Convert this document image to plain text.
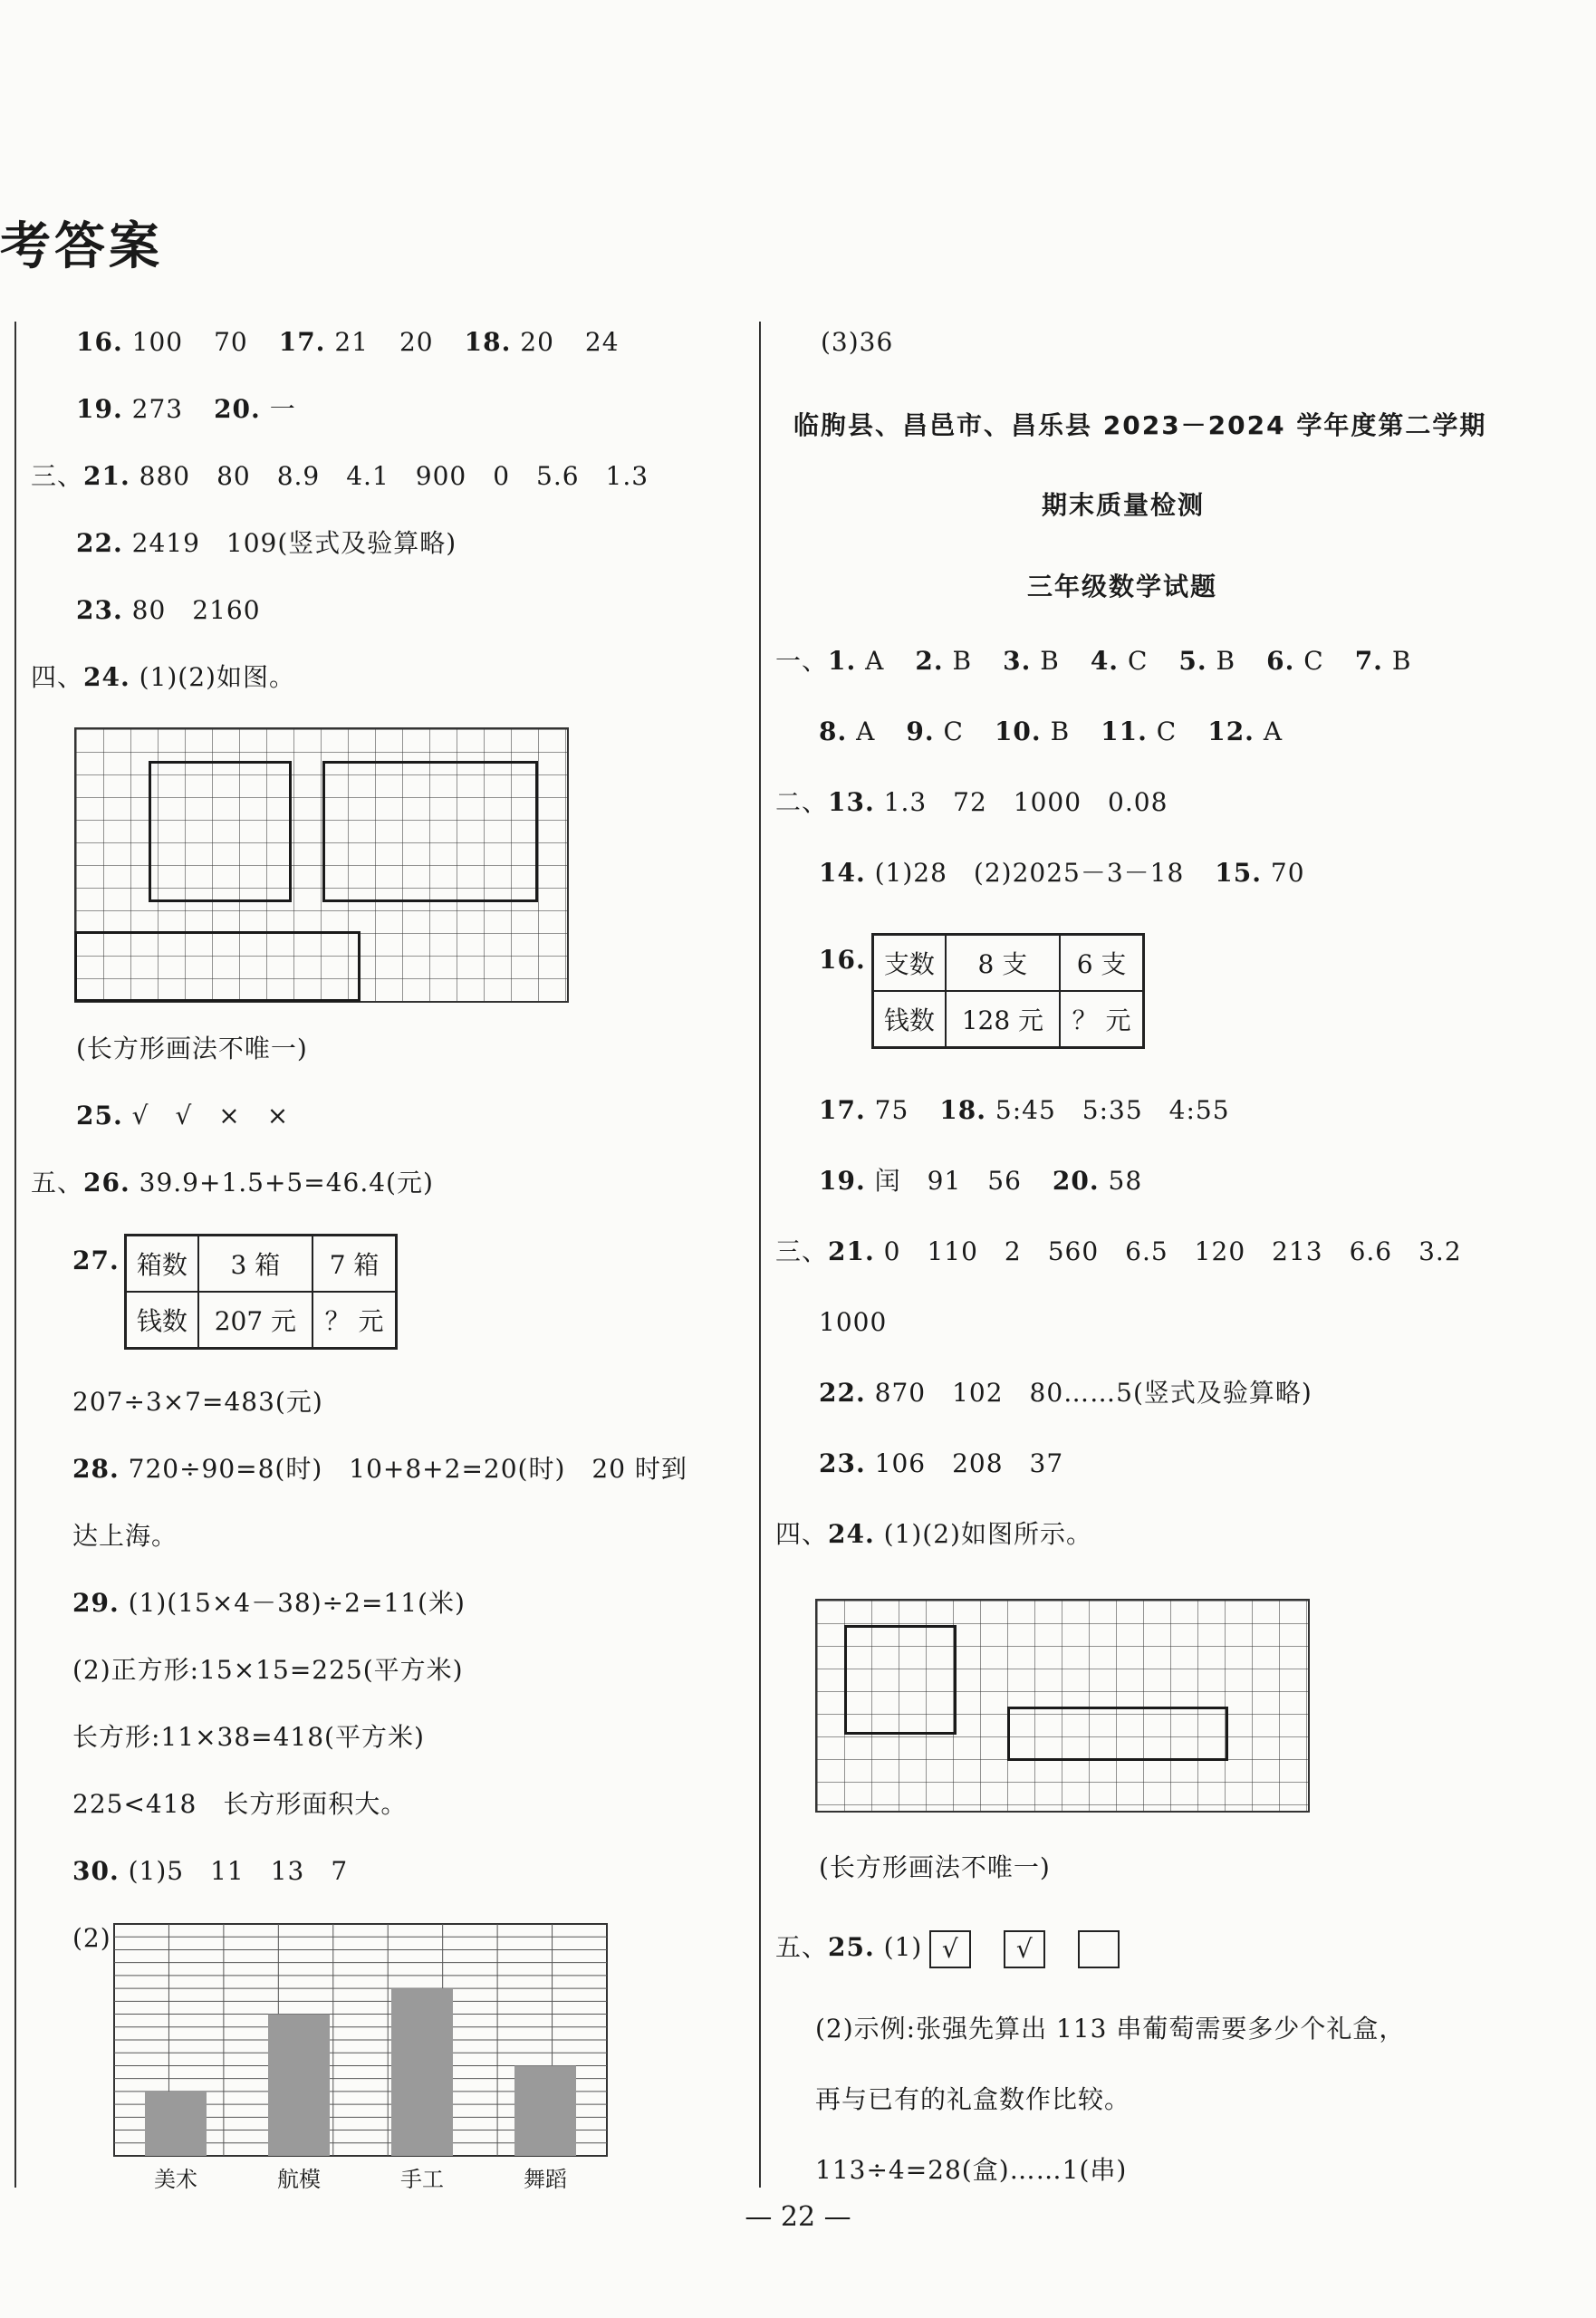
考答案
16. 100 70 17. 21 20 18. 20 24
19. 273 20. 一
三、21. 880　80　8.9　4.1　900　0　5.6　1.3
22. 2419　109(竖式及验算略)
23. 80　2160
四、24. (1)(2)如图。
(长方形画法不唯一)
25. √　√　×　×
五、26. 39.9+1.5+5=46.4(元)
27. 箱数	3 箱	7 箱
钱数	207 元	？ 元
207÷3×7=483(元)
28. 720÷90=8(时)　10+8+2=20(时)　20 时到
达上海。
29. (1)(15×4－38)÷2=11(米)
(2)正方形:15×15=225(平方米)
长方形:11×38=418(平方米)
225<418　长方形面积大。
30. (1)5　11　13　7
(2)
美术	航模	手工	舞蹈
(3)36
临朐县、昌邑市、昌乐县 2023－2024 学年度第二学期
期末质量检测
三年级数学试题
一、1. A 2. B 3. B 4. C 5. B 6. C 7. B
8. A 9. C 10. B 11. C 12. A
二、13. 1.3　72　1000　0.08
14. (1)28　(2)2025－3－18 15. 70
16. 支数	8 支	6 支
钱数	128 元	？ 元
17. 75 18. 5:45　5:35　4:55
19. 闰　91　56 20. 58
三、21. 0　110　2　560　6.5　120　213　6.6　3.2
1000
22. 870　102　80……5(竖式及验算略)
23. 106　208　37
四、24. (1)(2)如图所示。
(长方形画法不唯一)
五、25. (1) √ √
(2)示例:张强先算出 113 串葡萄需要多少个礼盒，
再与已有的礼盒数作比较。
113÷4=28(盒)……1(串)
— 22 —
